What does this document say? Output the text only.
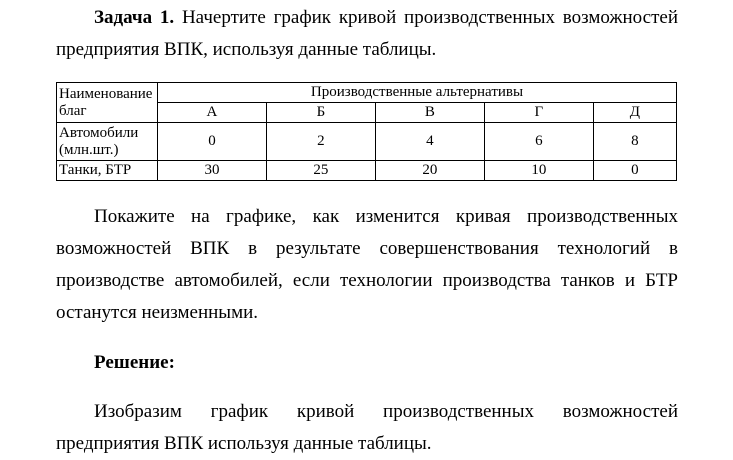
Задача 1. Начертите график кривой производственных возможностей
предприятия ВПК, используя данные таблицы.

Наименование
благ	Производственные альтернативы				
	А	Б	В	Г	Д

Автомобили
(млн.шт.)	0	2	4	6	8
Танки, БТР	30	25	20	10	0

Покажите на графике, как изменится кривая производственных
возможностей ВПК в результате совершенствования технологий в
производстве автомобилей, если технологии производства танков и БТР
останутся неизменными.

Решение:

Изобразим график кривой производственных возможностей
предприятия ВПК используя данные таблицы.
